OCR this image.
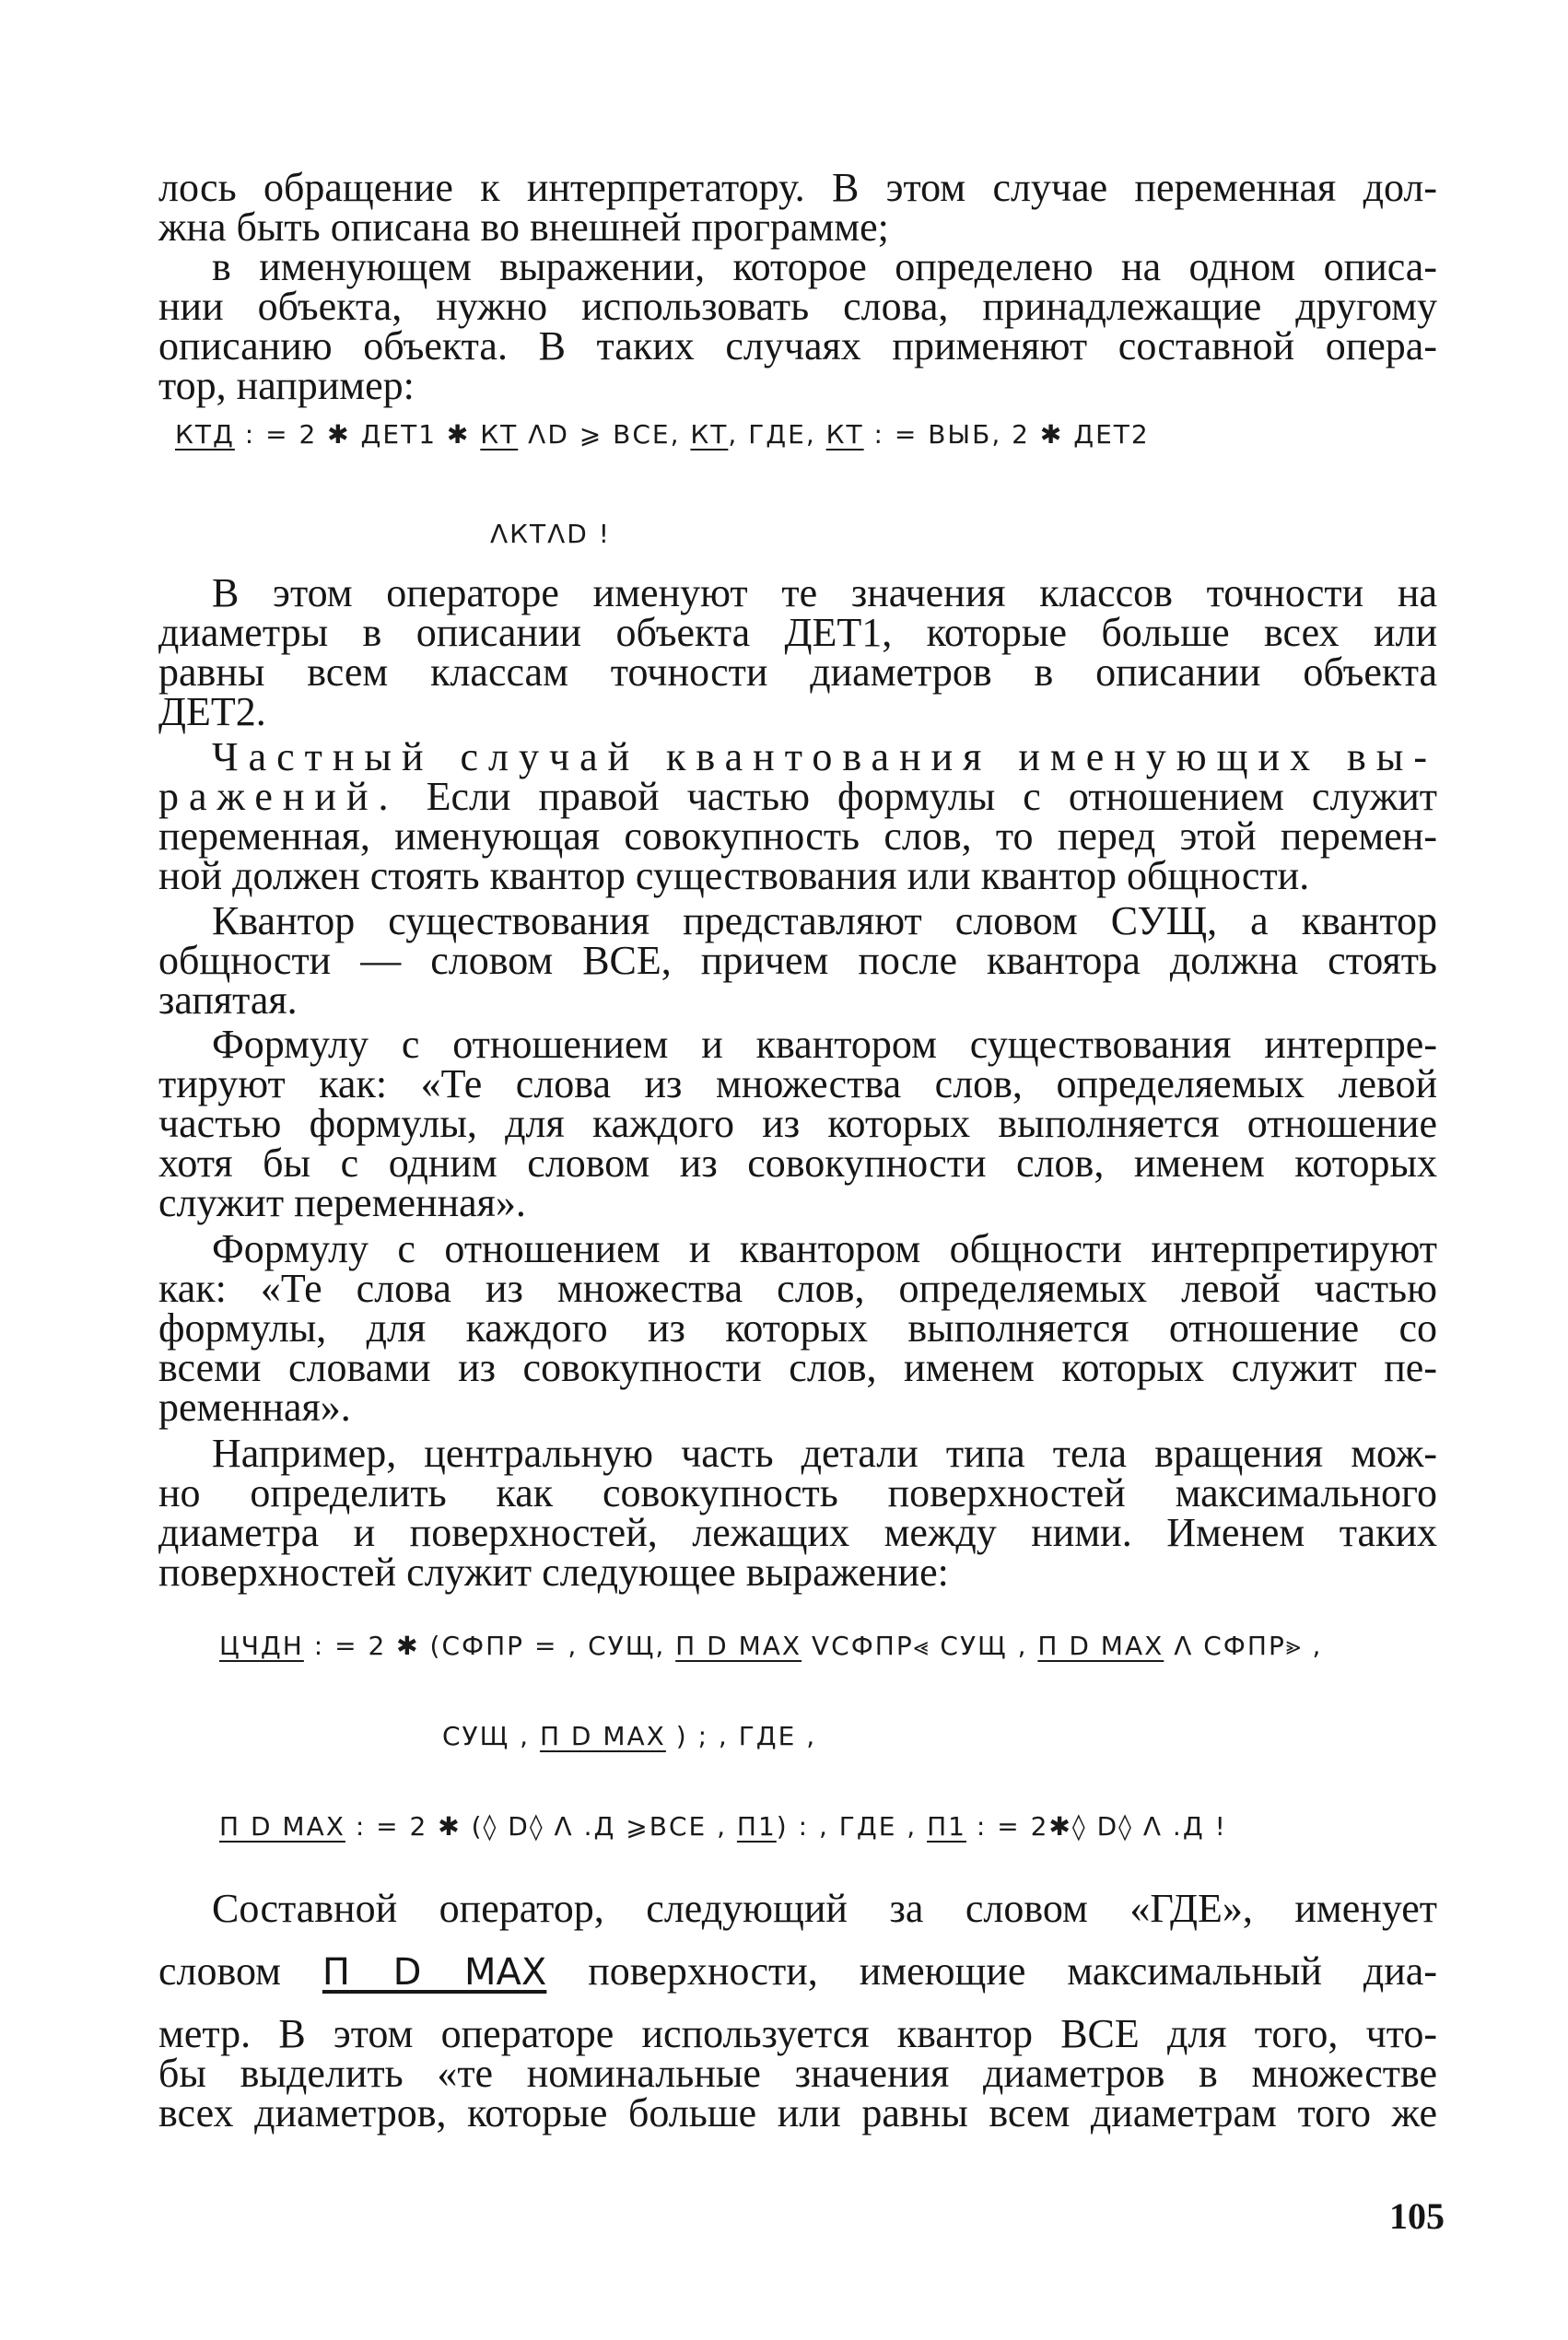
лось обращение к интерпретатору. В этом случае переменная дол-
жна быть описана во внешней программе;

в именующем выражении, которое определено на одном описа-
нии объекта, нужно использовать слова, принадлежащие другому
описанию объекта. В таких случаях применяют составной опера-
тор, например:

КТД : = 2 ✱ ДЕТ1 ✱ КТ ΛD ⩾ ВСЕ, КТ, ГДЕ, КТ : = ВЫБ, 2 ✱ ДЕТ2
ΛКТΛD !

В этом операторе именуют те значения классов точности на
диаметры в описании объекта ДЕТ1, которые больше всех или
равны всем классам точности диаметров в описании объекта
ДЕТ2.

Частный случай квантования именующих вы-
ражений. Если правой частью формулы с отношением служит
переменная, именующая совокупность слов, то перед этой перемен-
ной должен стоять квантор существования или квантор общности.

Квантор существования представляют словом СУЩ, а квантор
общности — словом ВСЕ, причем после квантора должна стоять
запятая.

Формулу с отношением и квантором существования интерпре-
тируют как: «Те слова из множества слов, определяемых левой
частью формулы, для каждого из которых выполняется отношение
хотя бы с одним словом из совокупности слов, именем которых
служит переменная».

Формулу с отношением и квантором общности интерпретируют
как: «Те слова из множества слов, определяемых левой частью
формулы, для каждого из которых выполняется отношение со
всеми словами из совокупности слов, именем которых служит пе-
ременная».

Например, центральную часть детали типа тела вращения мож-
но определить как совокупность поверхностей максимального
диаметра и поверхностей, лежащих между ними. Именем таких
поверхностей служит следующее выражение:

ЦЧДН : = 2 ✱ (СФПР = , СУЩ, П D MAX VСФПР⪡ СУЩ , П D MAX Λ СФПР⪢ ,
СУЩ , П D MAX ) ; , ГДЕ ,
П D MAX : = 2 ✱ (◊ D◊ Λ .Д ⩾ВСЕ , П1) : , ГДЕ , П1 : = 2✱◊ D◊ Λ .Д !

Составной оператор, следующий за словом «ГДЕ», именует

словом П D MAX поверхности, имеющие максимальный диа-

метр. В этом операторе используется квантор ВСЕ для того, что-
бы выделить «те номинальные значения диаметров в множестве
всех диаметров, которые больше или равны всем диаметрам того же

105
